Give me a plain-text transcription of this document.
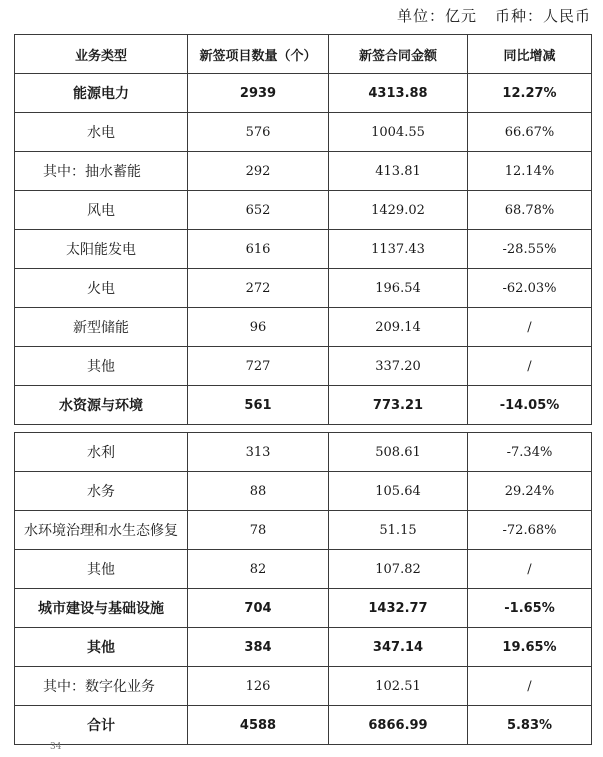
单位：亿元 币种：人民币
业务类型	新签项目数量（个）	新签合同金额	同比增减
能源电力	2939	4313.88	12.27%
水电	576	1004.55	66.67%
其中：抽水蓄能	292	413.81	12.14%
风电	652	1429.02	68.78%
太阳能发电	616	1137.43	-28.55%
火电	272	196.54	-62.03%
新型储能	96	209.14	/
其他	727	337.20	/
水资源与环境	561	773.21	-14.05%
水利	313	508.61	-7.34%
水务	88	105.64	29.24%
水环境治理和水生态修复	78	51.15	-72.68%
其他	82	107.82	/
城市建设与基础设施	704	1432.77	-1.65%
其他	384	347.14	19.65%
其中：数字化业务	126	102.51	/
合计	4588	6866.99	5.83%
34
